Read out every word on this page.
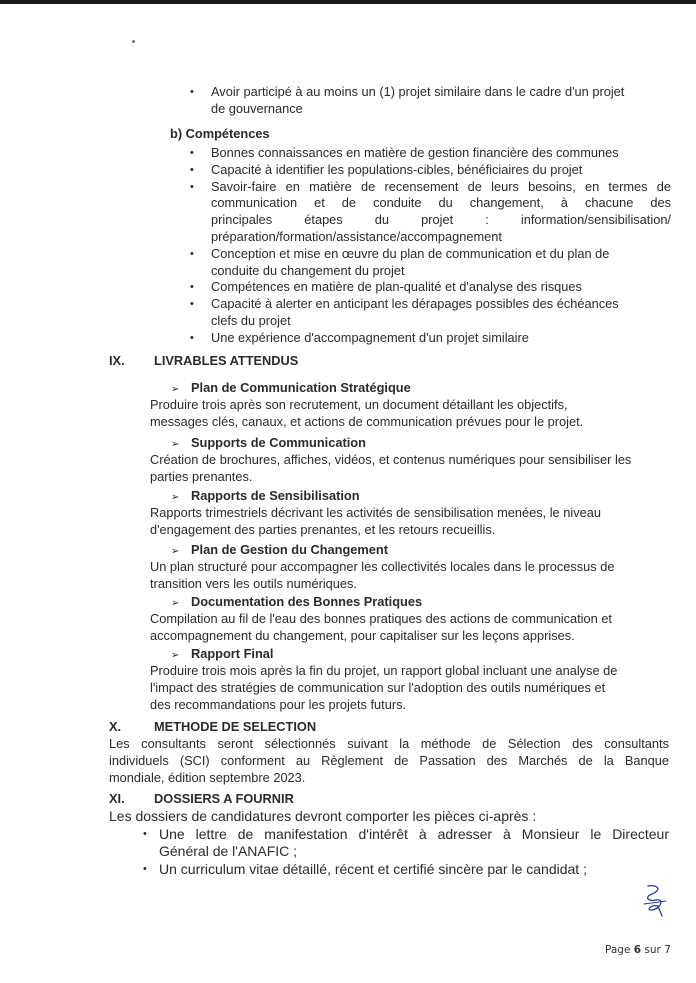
•	Avoir participé à au moins un (1) projet similaire dans le cadre d'un projet

de gouvernance

b) Compétences
•	Bonnes connaissances en matière de gestion financière des communes

•	Capacité à identifier les populations-cibles, bénéficiaires du projet

•	Savoir-faire en matière de recensement de leurs besoins, en termes de

communication et de conduite du changement, à chacune des

principales étapes du projet : information/sensibilisation/

préparation/formation/assistance/accompagnement

•	Conception et mise en œuvre du plan de communication et du plan de

conduite du changement du projet

•	Compétences en matière de plan-qualité et d'analyse des risques

•	Capacité à alerter en anticipant les dérapages possibles des échéances

clefs du projet

•	Une expérience d'accompagnement d'un projet similaire

IX. LIVRABLES ATTENDUS
➢ Plan de Communication Stratégique

Produire trois après son recrutement, un document détaillant les objectifs,

messages clés, canaux, et actions de communication prévues pour le projet.

➢ Supports de Communication

Création de brochures, affiches, vidéos, et contenus numériques pour sensibiliser les

parties prenantes.

➢ Rapports de Sensibilisation

Rapports trimestriels décrivant les activités de sensibilisation menées, le niveau

d'engagement des parties prenantes, et les retours recueillis.

➢ Plan de Gestion du Changement

Un plan structuré pour accompagner les collectivités locales dans le processus de

transition vers les outils numériques.

➢ Documentation des Bonnes Pratiques

Compilation au fil de l'eau des bonnes pratiques des actions de communication et

accompagnement du changement, pour capitaliser sur les leçons apprises.

➢ Rapport Final

Produire trois mois après la fin du projet, un rapport global incluant une analyse de

l'impact des stratégies de communication sur l'adoption des outils numériques et

des recommandations pour les projets futurs.

X.	METHODE DE SELECTION

Les consultants seront sélectionnés suivant la méthode de Sélection des consultants

individuels (SCI) conforment au Règlement de Passation des Marchés de la Banque

mondiale, édition septembre 2023.

XI. DOSSIERS A FOURNIR

Les dossiers de candidatures devront comporter les pièces ci-après :

• Une lettre de manifestation d'intérêt à adresser à Monsieur le Directeur

Général de l'ANAFIC ;

• Un curriculum vitae détaillé, récent et certifié sincère par le candidat ;

Page 6 sur 7
